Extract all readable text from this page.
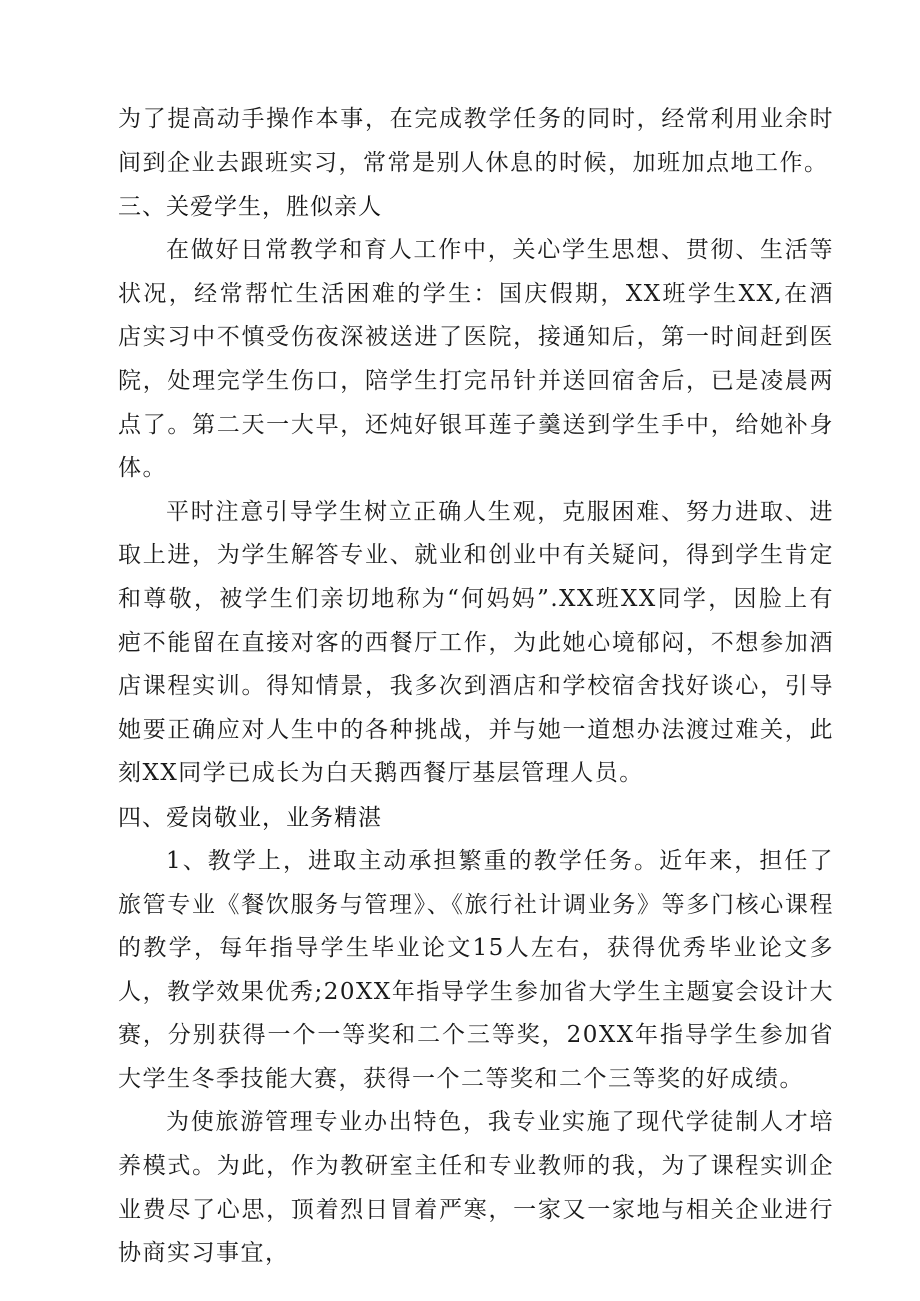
为了提高动手操作本事，在完成教学任务的同时，经常利用业余时间到企业去跟班实习，常常是别人休息的时候，加班加点地工作。

三、关爱学生，胜似亲人

在做好日常教学和育人工作中，关心学生思想、贯彻、生活等状况，经常帮忙生活困难的学生：国庆假期，XX班学生XX,在酒店实习中不慎受伤夜深被送进了医院，接通知后，第一时间赶到医院，处理完学生伤口，陪学生打完吊针并送回宿舍后，已是凌晨两点了。第二天一大早，还炖好银耳莲子羹送到学生手中，给她补身体。

平时注意引导学生树立正确人生观，克服困难、努力进取、进取上进，为学生解答专业、就业和创业中有关疑问，得到学生肯定和尊敬，被学生们亲切地称为“何妈妈”.XX班XX同学，因脸上有疤不能留在直接对客的西餐厅工作，为此她心境郁闷，不想参加酒店课程实训。得知情景，我多次到酒店和学校宿舍找好谈心，引导她要正确应对人生中的各种挑战，并与她一道想办法渡过难关，此刻XX同学已成长为白天鹅西餐厅基层管理人员。

四、爱岗敬业，业务精湛

1、教学上，进取主动承担繁重的教学任务。近年来，担任了旅管专业《餐饮服务与管理》、《旅行社计调业务》等多门核心课程的教学，每年指导学生毕业论文15人左右，获得优秀毕业论文多人，教学效果优秀;20XX年指导学生参加省大学生主题宴会设计大赛，分别获得一个一等奖和二个三等奖，20XX年指导学生参加省大学生冬季技能大赛，获得一个二等奖和二个三等奖的好成绩。

为使旅游管理专业办出特色，我专业实施了现代学徒制人才培养模式。为此，作为教研室主任和专业教师的我，为了课程实训企业费尽了心思，顶着烈日冒着严寒，一家又一家地与相关企业进行协商实习事宜，
